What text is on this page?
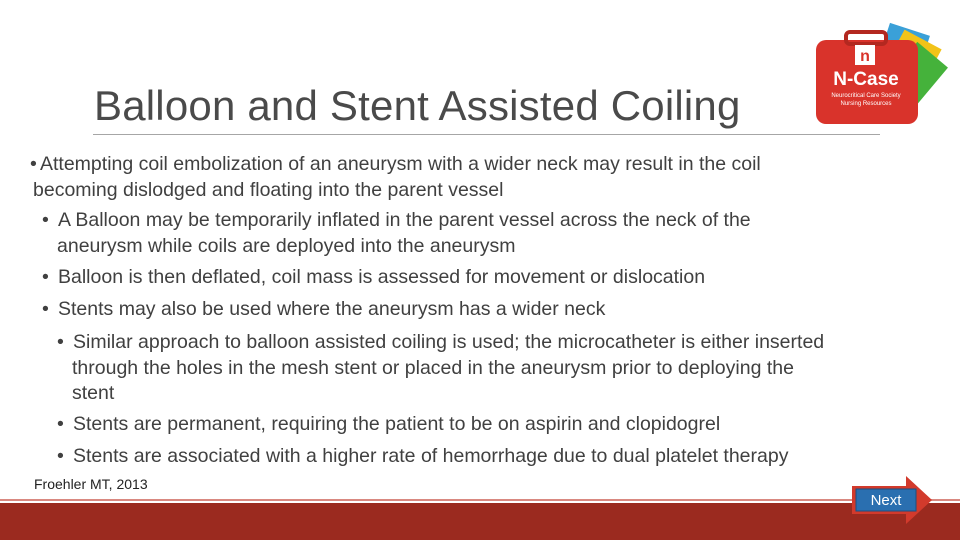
n
N-Case
Neurocritical Care Society
Nursing Resources
Balloon and Stent Assisted Coiling
• Attempting coil embolization of an aneurysm with a wider neck may result in the coil
becoming dislodged and floating into the parent vessel
• A Balloon may be temporarily inflated in the parent vessel across the neck of the
aneurysm while coils are deployed into the aneurysm
• Balloon is then deflated, coil mass is assessed for movement or dislocation
• Stents may also be used where the aneurysm has a wider neck
• Similar approach to balloon assisted coiling is used; the microcatheter is either inserted
through the holes in the mesh stent or placed in the aneurysm prior to deploying the
stent
• Stents are permanent, requiring the patient to be on aspirin and clopidogrel
• Stents are associated with a higher rate of hemorrhage due to dual platelet therapy
Froehler MT, 2013
Next
